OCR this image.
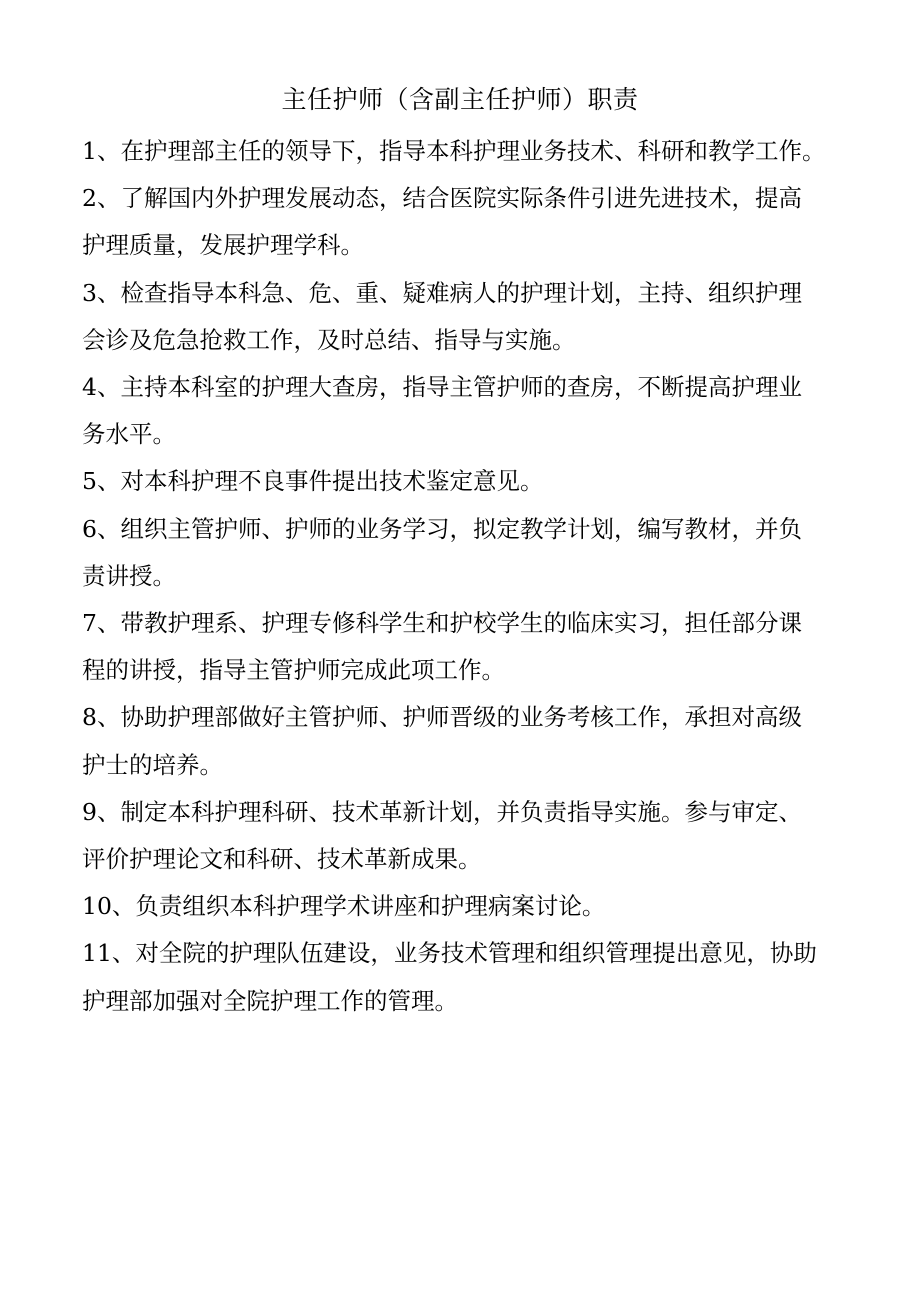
主任护师（含副主任护师）职责
1、在护理部主任的领导下，指导本科护理业务技术、科研和教学工作。
2、了解国内外护理发展动态，结合医院实际条件引进先进技术，提高
护理质量，发展护理学科。
3、检查指导本科急、危、重、疑难病人的护理计划，主持、组织护理
会诊及危急抢救工作，及时总结、指导与实施。
4、主持本科室的护理大查房，指导主管护师的查房，不断提高护理业
务水平。
5、对本科护理不良事件提出技术鉴定意见。
6、组织主管护师、护师的业务学习，拟定教学计划，编写教材，并负
责讲授。
7、带教护理系、护理专修科学生和护校学生的临床实习，担任部分课
程的讲授，指导主管护师完成此项工作。
8、协助护理部做好主管护师、护师晋级的业务考核工作，承担对高级
护士的培养。
9、制定本科护理科研、技术革新计划，并负责指导实施。参与审定、
评价护理论文和科研、技术革新成果。
10、负责组织本科护理学术讲座和护理病案讨论。
11、对全院的护理队伍建设，业务技术管理和组织管理提出意见，协助
护理部加强对全院护理工作的管理。
